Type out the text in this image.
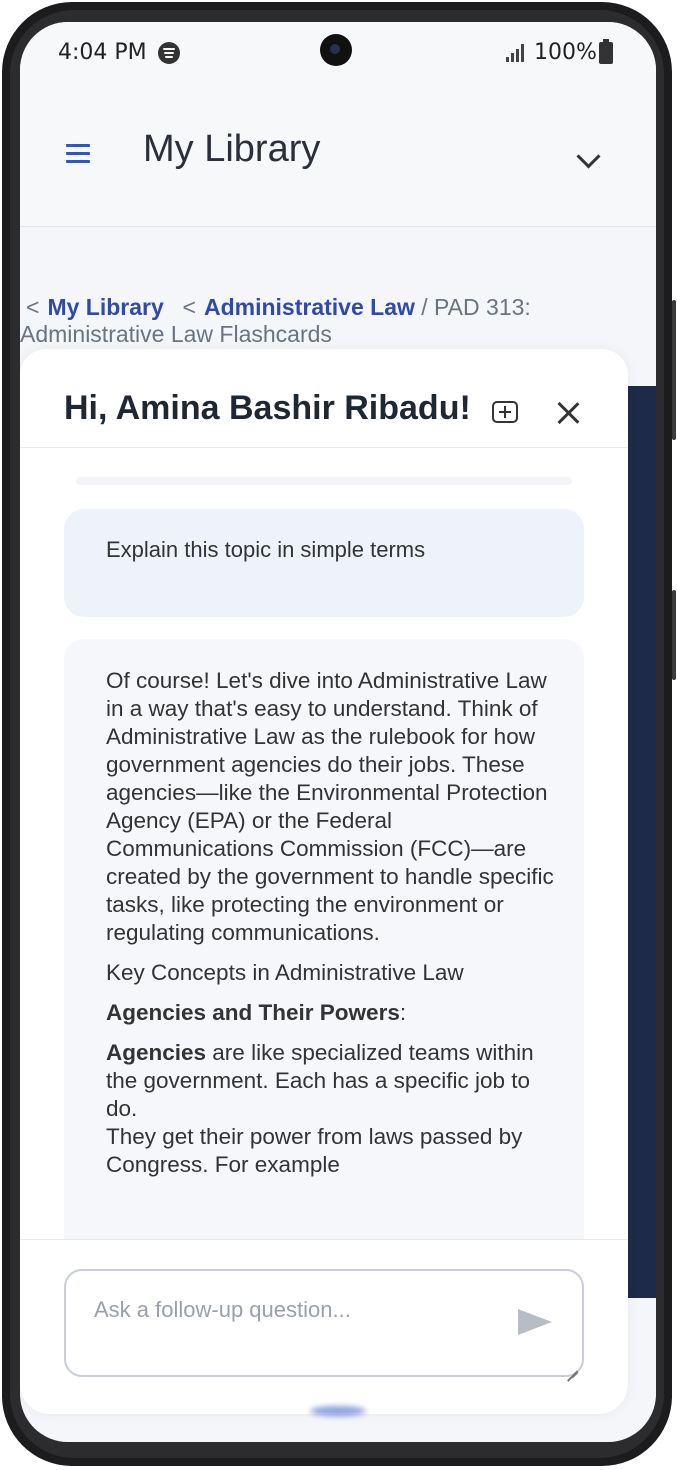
4:04 PM	100%
My Library
< My Library  < Administrative Law / PAD 313: Administrative Law Flashcards
Hi, Amina Bashir Ribadu!
Explain this topic in simple terms

Of course! Let's dive into Administrative Law in a way that's easy to understand. Think of Administrative Law as the rulebook for how government agencies do their jobs. These agencies—like the Environmental Protection Agency (EPA) or the Federal Communications Commission (FCC)—are created by the government to handle specific tasks, like protecting the environment or regulating communications.

Key Concepts in Administrative Law

Agencies and Their Powers:

Agencies are like specialized teams within the government. Each has a specific job to do.

They get their power from laws passed by Congress. For example

Ask a follow-up question...
